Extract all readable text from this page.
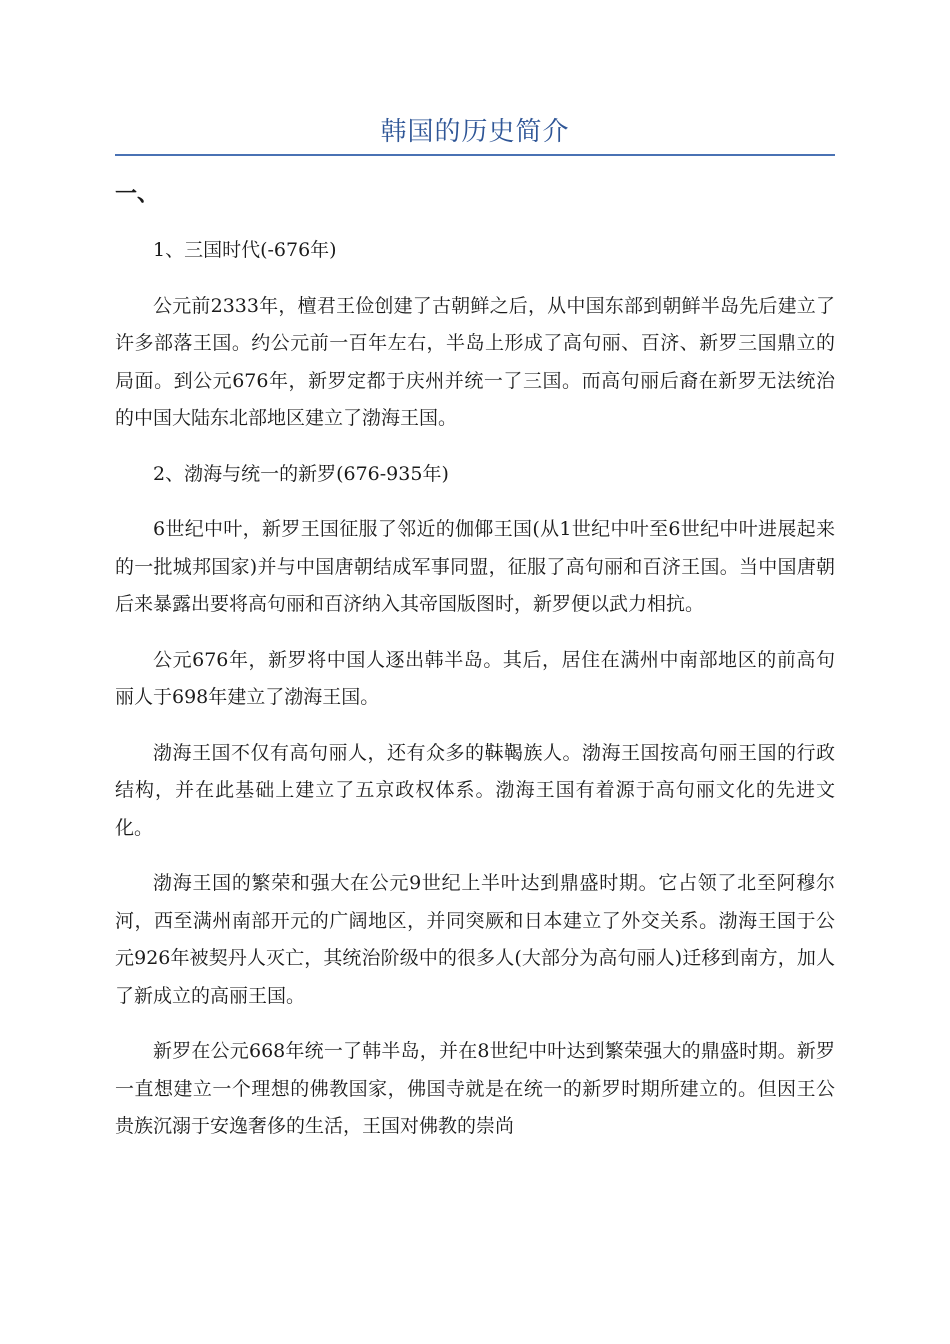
韩国的历史简介
一、

1、三国时代(-676年)

公元前2333年，檀君王俭创建了古朝鲜之后，从中国东部到朝鲜半岛先后建立了许多部落王国。约公元前一百年左右，半岛上形成了高句丽、百济、新罗三国鼎立的局面。到公元676年，新罗定都于庆州并统一了三国。而高句丽后裔在新罗无法统治的中国大陆东北部地区建立了渤海王国。

2、渤海与统一的新罗(676-935年)

6世纪中叶，新罗王国征服了邻近的伽倻王国(从1世纪中叶至6世纪中叶进展起来的一批城邦国家)并与中国唐朝结成军事同盟，征服了高句丽和百济王国。当中国唐朝后来暴露出要将高句丽和百济纳入其帝国版图时，新罗便以武力相抗。

公元676年，新罗将中国人逐出韩半岛。其后，居住在满州中南部地区的前高句丽人于698年建立了渤海王国。

渤海王国不仅有高句丽人，还有众多的靺鞨族人。渤海王国按高句丽王国的行政结构，并在此基础上建立了五京政权体系。渤海王国有着源于高句丽文化的先进文化。

渤海王国的繁荣和强大在公元9世纪上半叶达到鼎盛时期。它占领了北至阿穆尔河，西至满州南部开元的广阔地区，并同突厥和日本建立了外交关系。渤海王国于公元926年被契丹人灭亡，其统治阶级中的很多人(大部分为高句丽人)迁移到南方，加人了新成立的高丽王国。

新罗在公元668年统一了韩半岛，并在8世纪中叶达到繁荣强大的鼎盛时期。新罗一直想建立一个理想的佛教国家，佛国寺就是在统一的新罗时期所建立的。但因王公贵族沉溺于安逸奢侈的生活，王国对佛教的崇尚
